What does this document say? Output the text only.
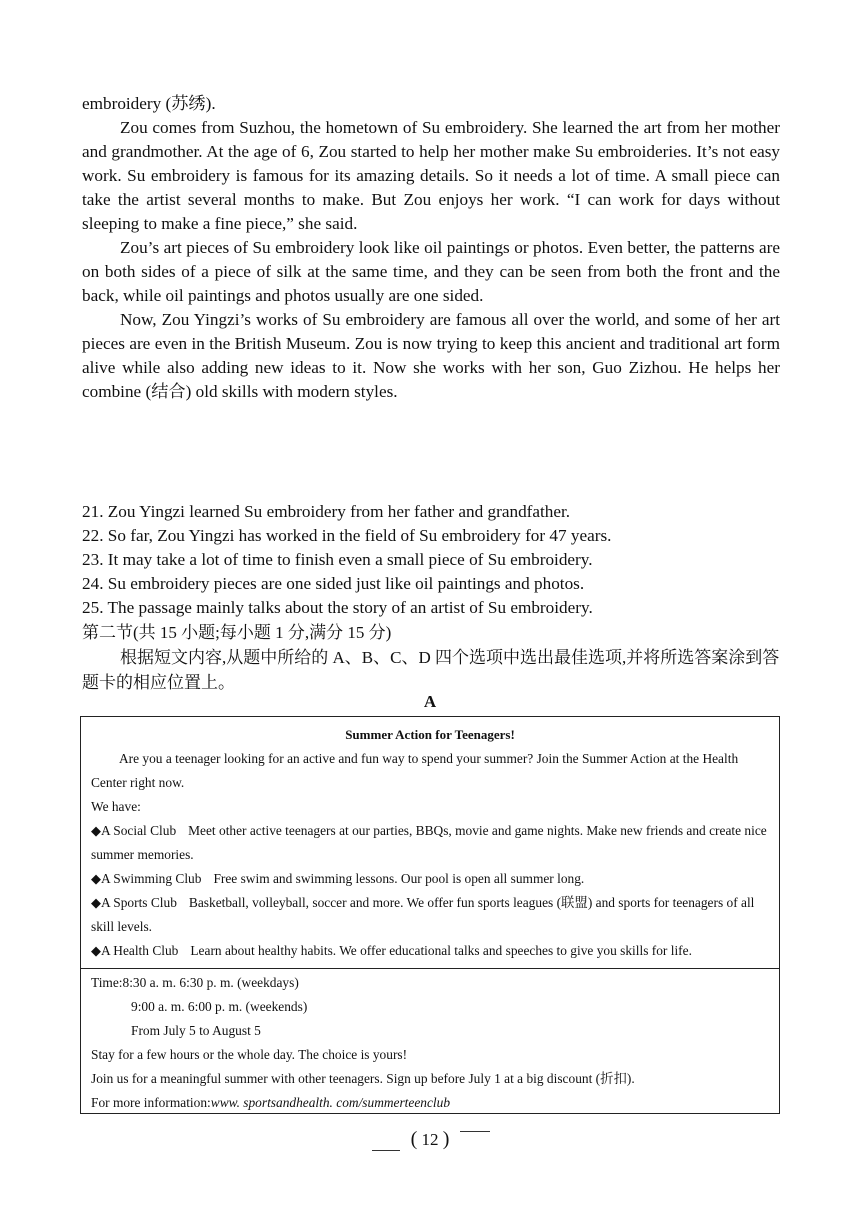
embroidery (苏绣).

Zou comes from Suzhou, the hometown of Su embroidery. She learned the art from her mother and grandmother. At the age of 6, Zou started to help her mother make Su embroideries. It’s not easy work. Su embroidery is famous for its amazing details. So it needs a lot of time. A small piece can take the artist several months to make. But Zou enjoys her work. “I can work for days without sleeping to make a fine piece,” she said.

Zou’s art pieces of Su embroidery look like oil paintings or photos. Even better, the patterns are on both sides of a piece of silk at the same time, and they can be seen from both the front and the back, while oil paintings and photos usually are one sided.

Now, Zou Yingzi’s works of Su embroidery are famous all over the world, and some of her art pieces are even in the British Museum. Zou is now trying to keep this ancient and traditional art form alive while also adding new ideas to it. Now she works with her son, Guo Zizhou. He helps her combine (结合) old skills with modern styles.

21. Zou Yingzi learned Su embroidery from her father and grandfather.

22. So far, Zou Yingzi has worked in the field of Su embroidery for 47 years.

23. It may take a lot of time to finish even a small piece of Su embroidery.

24. Su embroidery pieces are one sided just like oil paintings and photos.

25. The passage mainly talks about the story of an artist of Su embroidery.

第二节(共 15 小题;每小题 1 分,满分 15 分)

根据短文内容,从题中所给的 A、B、C、D 四个选项中选出最佳选项,并将所选答案涂到答题卡的相应位置上。

A
Summer Action for Teenagers!

Are you a teenager looking for an active and fun way to spend your summer? Join the Summer Action at the Health Center right now.

We have:

◆A Social Club Meet other active teenagers at our parties, BBQs, movie and game nights. Make new friends and create nice summer memories.

◆A Swimming Club Free swim and swimming lessons. Our pool is open all summer long.

◆A Sports Club Basketball, volleyball, soccer and more. We offer fun sports leagues (联盟) and sports for teenagers of all skill levels.

◆A Health Club Learn about healthy habits. We offer educational talks and speeches to give you skills for life.

Time:8:30 a. m. 6:30 p. m. (weekdays)

9:00 a. m. 6:00 p. m. (weekends)

From July 5 to August 5

Stay for a few hours or the whole day. The choice is yours!

Join us for a meaningful summer with other teenagers. Sign up before July 1 at a big discount (折扣).

For more information:www. sportsandhealth. com/summerteenclub

( 12 )
